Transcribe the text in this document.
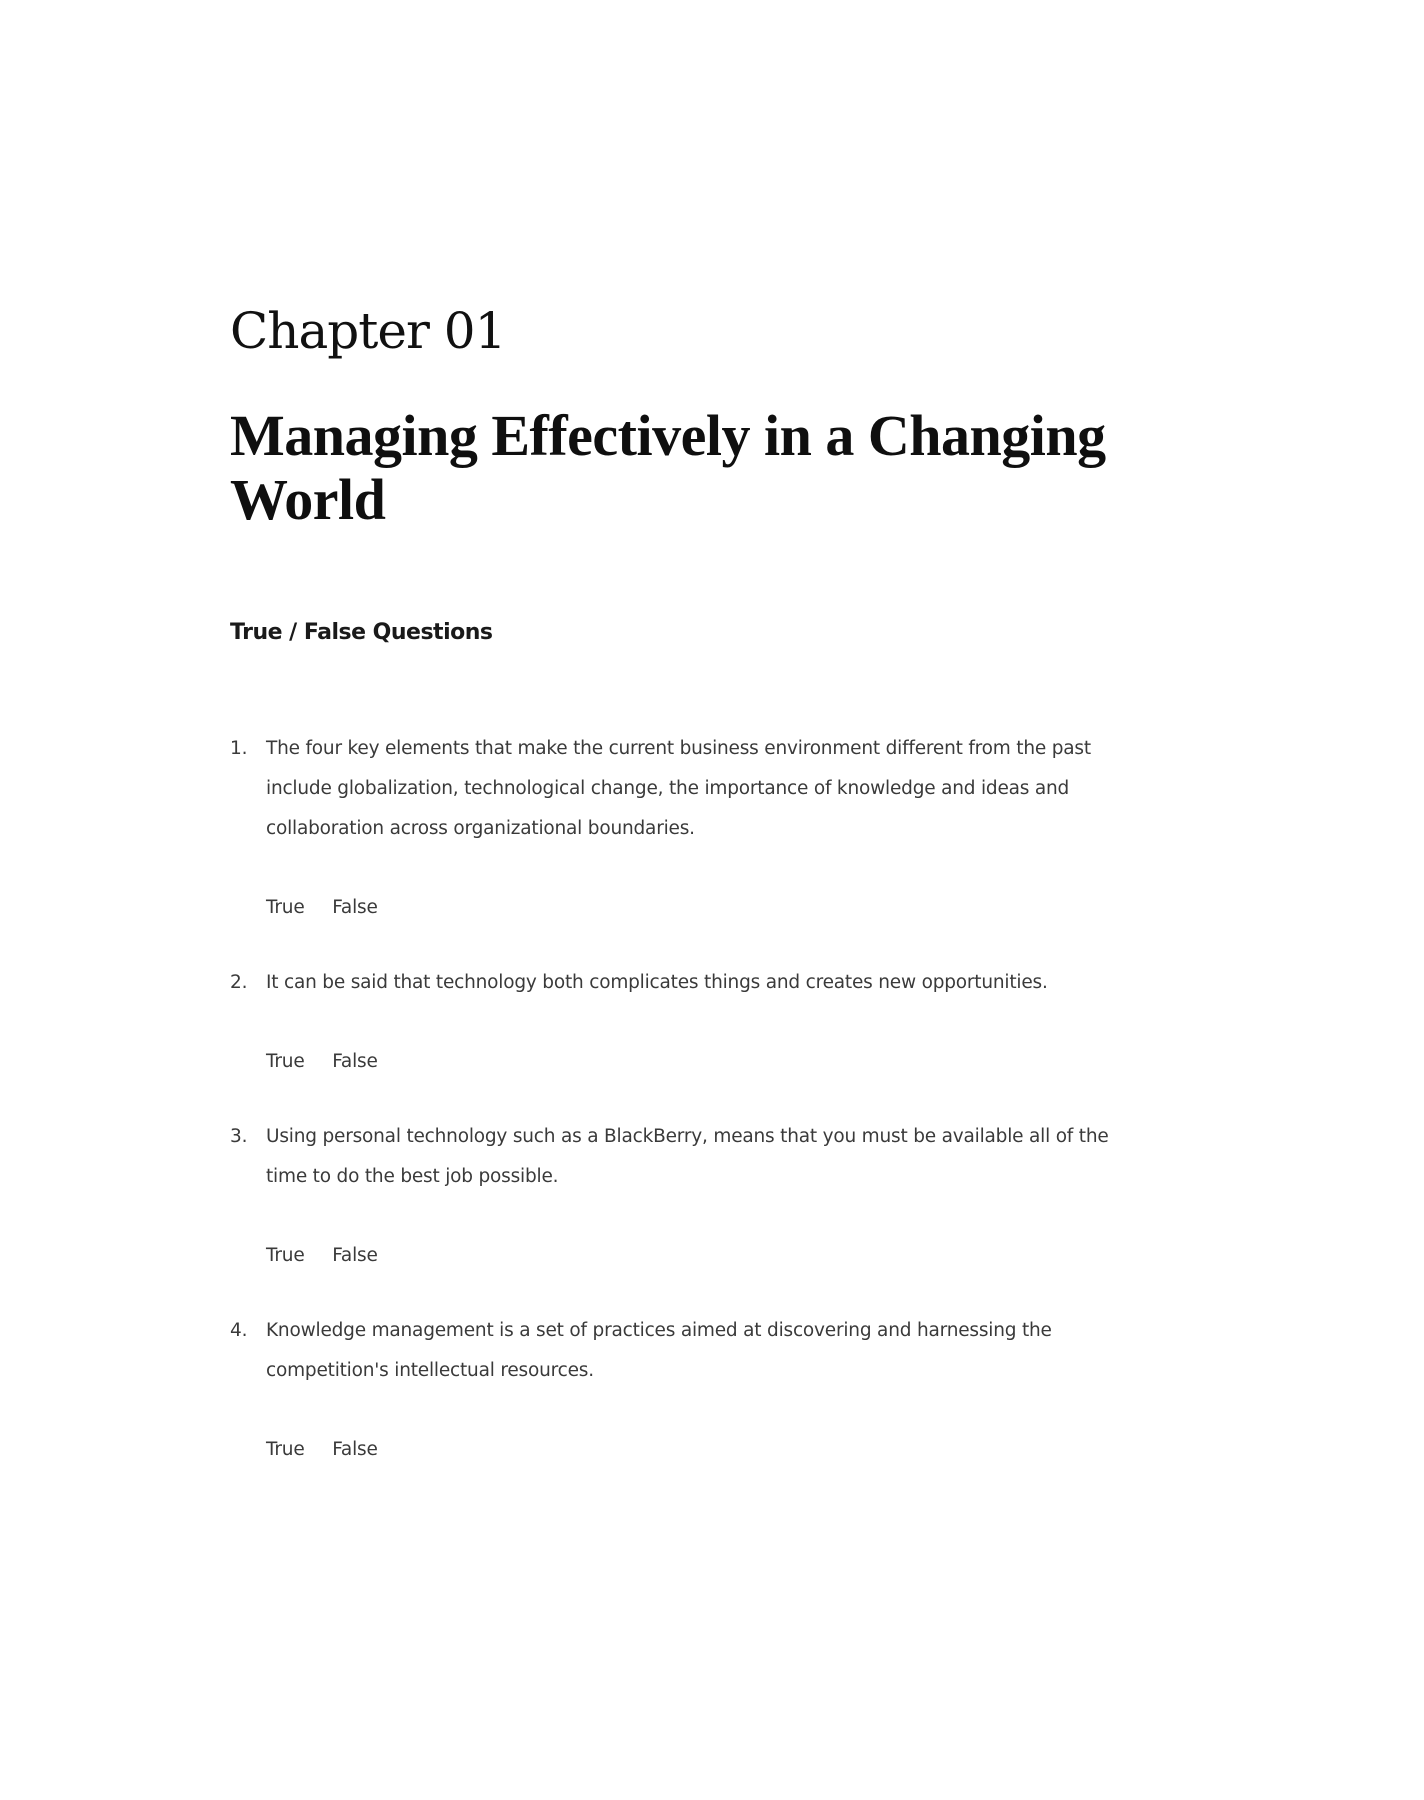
Chapter 01
Managing Effectively in a Changing World
True / False Questions
1. The four key elements that make the current business environment different from the past include globalization, technological change, the importance of knowledge and ideas and collaboration across organizational boundaries.
True False
2. It can be said that technology both complicates things and creates new opportunities.
True False
3. Using personal technology such as a BlackBerry, means that you must be available all of the time to do the best job possible.
True False
4. Knowledge management is a set of practices aimed at discovering and harnessing the competition's intellectual resources.
True False
